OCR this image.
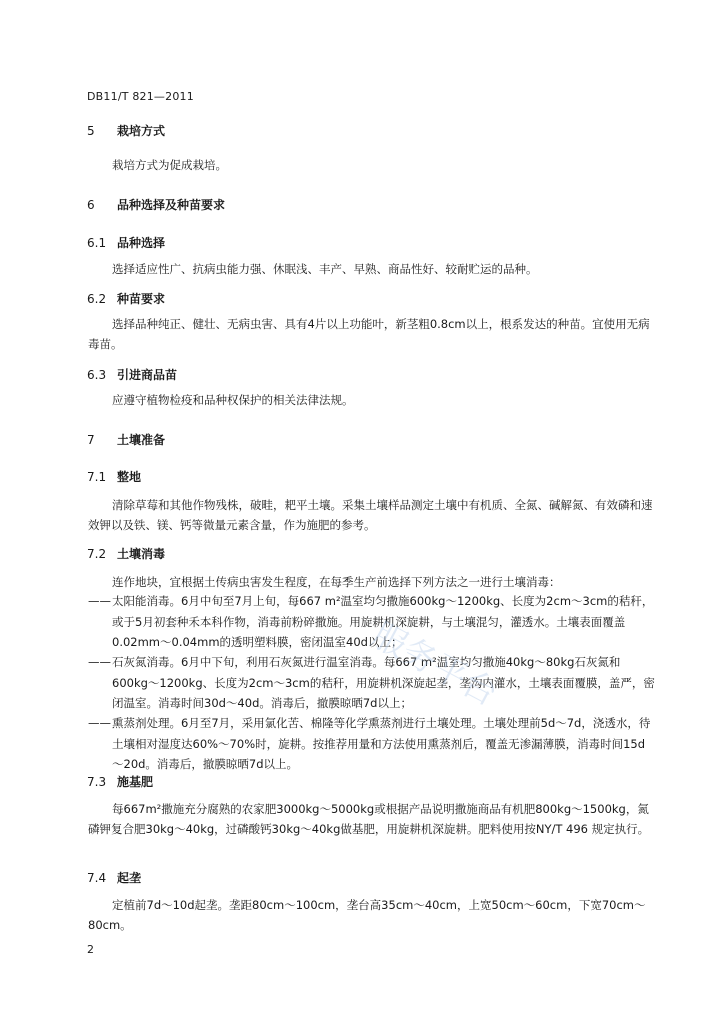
DB11/T 821—2011
5 栽培方式
栽培方式为促成栽培。
6 品种选择及种苗要求
6.1 品种选择
选择适应性广、抗病虫能力强、休眠浅、丰产、早熟、商品性好、较耐贮运的品种。
6.2 种苗要求
选择品种纯正、健壮、无病虫害、具有4片以上功能叶，新茎粗0.8cm以上，根系发达的种苗。宜使用无病毒苗。
6.3 引进商品苗
应遵守植物检疫和品种权保护的相关法律法规。
7 土壤准备
7.1 整地
清除草莓和其他作物残株，破畦，耙平土壤。采集土壤样品测定土壤中有机质、全氮、碱解氮、有效磷和速效钾以及铁、镁、钙等微量元素含量，作为施肥的参考。
7.2 土壤消毒
连作地块，宜根据土传病虫害发生程度，在每季生产前选择下列方法之一进行土壤消毒：
——太阳能消毒。6月中旬至7月上旬，每667 m²温室均匀撒施600kg～1200kg、长度为2cm～3cm的秸秆，或于5月初套种禾本科作物，消毒前粉碎撒施。用旋耕机深旋耕，与土壤混匀，灌透水。土壤表面覆盖0.02mm～0.04mm的透明塑料膜，密闭温室40d以上；
——石灰氮消毒。6月中下旬，利用石灰氮进行温室消毒。每667 m²温室均匀撒施40kg～80kg石灰氮和600kg～1200kg、长度为2cm～3cm的秸秆，用旋耕机深旋起垄，垄沟内灌水，土壤表面覆膜，盖严，密闭温室。消毒时间30d～40d。消毒后，撤膜晾晒7d以上；
——熏蒸剂处理。6月至7月，采用氯化苦、棉隆等化学熏蒸剂进行土壤处理。土壤处理前5d～7d，浇透水，待土壤相对湿度达60%～70%时，旋耕。按推荐用量和方法使用熏蒸剂后，覆盖无渗漏薄膜，消毒时间15d～20d。消毒后，撤膜晾晒7d以上。
7.3 施基肥
每667m²撒施充分腐熟的农家肥3000kg～5000kg或根据产品说明撒施商品有机肥800kg～1500kg，氮磷钾复合肥30kg～40kg，过磷酸钙30kg～40kg做基肥，用旋耕机深旋耕。肥料使用按NY/T 496 规定执行。
7.4 起垄
定植前7d～10d起垄。垄距80cm～100cm，垄台高35cm～40cm，上宽50cm～60cm，下宽70cm～80cm。
2
服务平台
